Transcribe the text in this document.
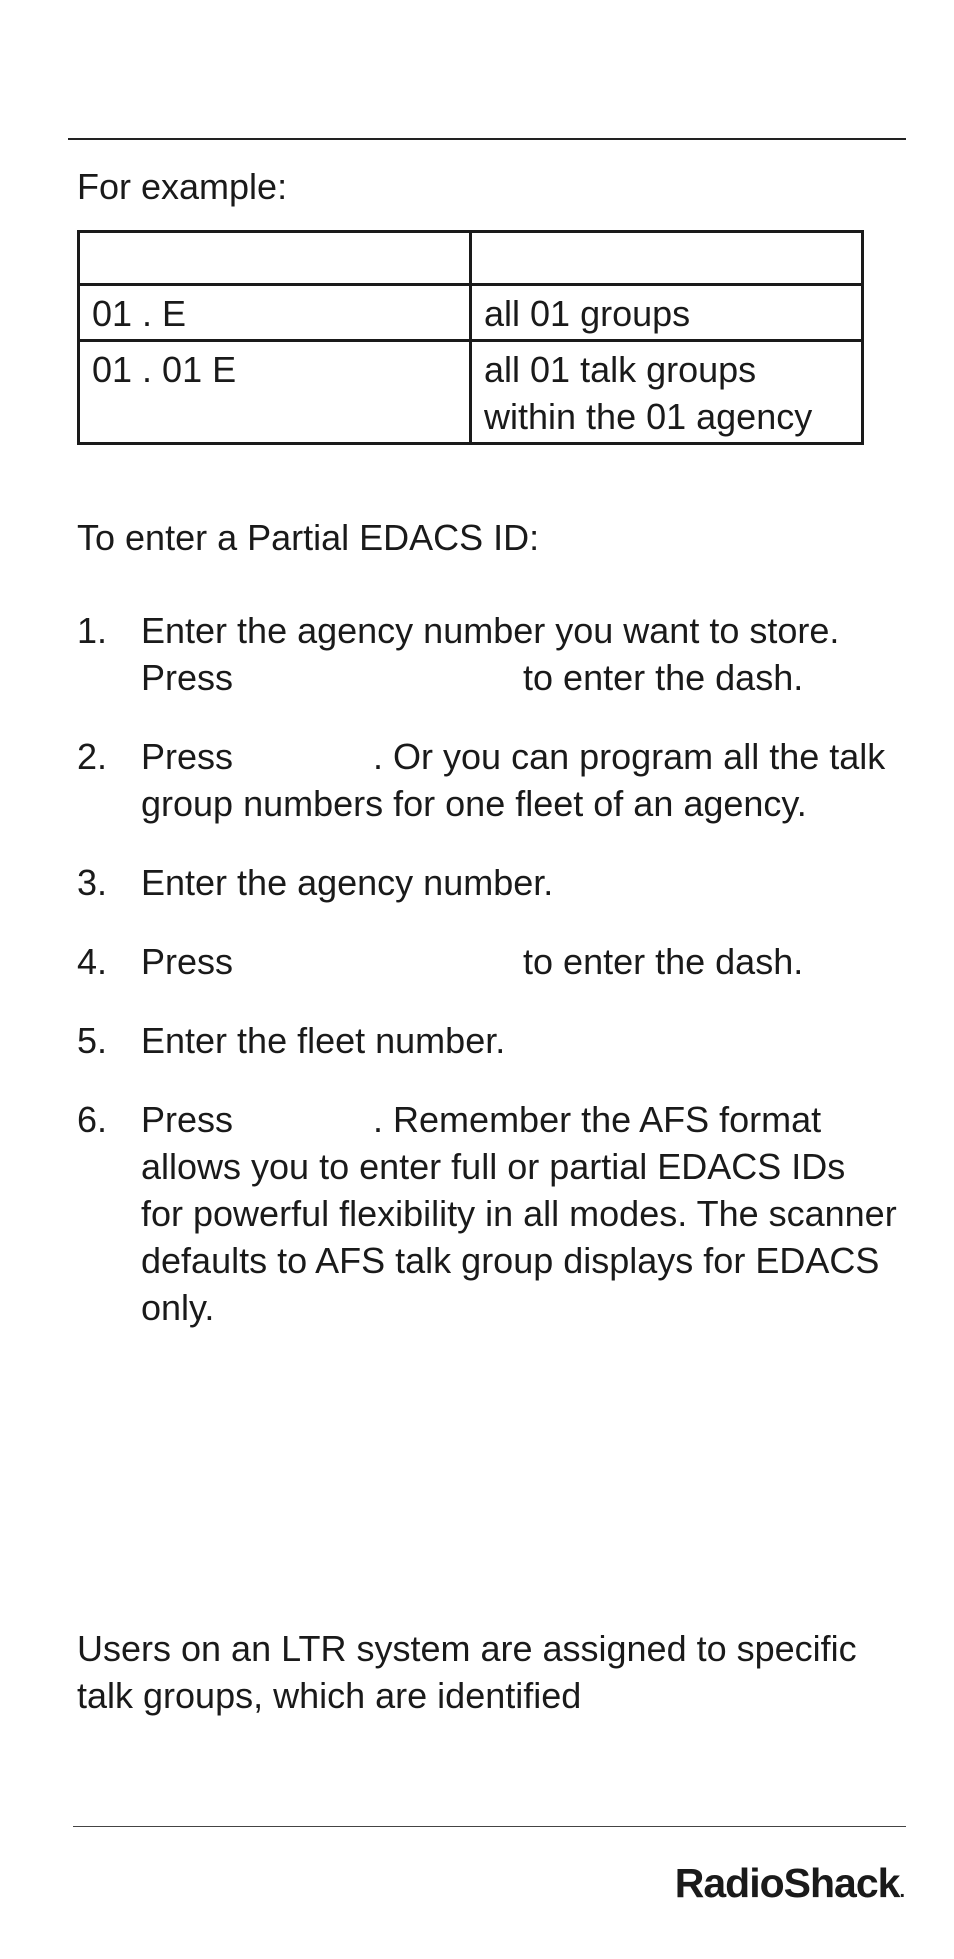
For example:

01 . E	all 01 groups
01 . 01 E	all 01 talk groups within the 01 agency

To enter a Partial EDACS ID:

1. Enter the agency number you want to store. Press	to enter the dash.
2. Press	. Or you can program all the talk group numbers for one fleet of an agency.
3. Enter the agency number.
4. Press	to enter the dash.
5. Enter the fleet number.
6. Press	. Remember the AFS format allows you to enter full or partial EDACS IDs for powerful flexibility in all modes. The scanner defaults to AFS talk group displays for EDACS only.

Users on an LTR system are assigned to specific talk groups, which are identified

RadioShack.
